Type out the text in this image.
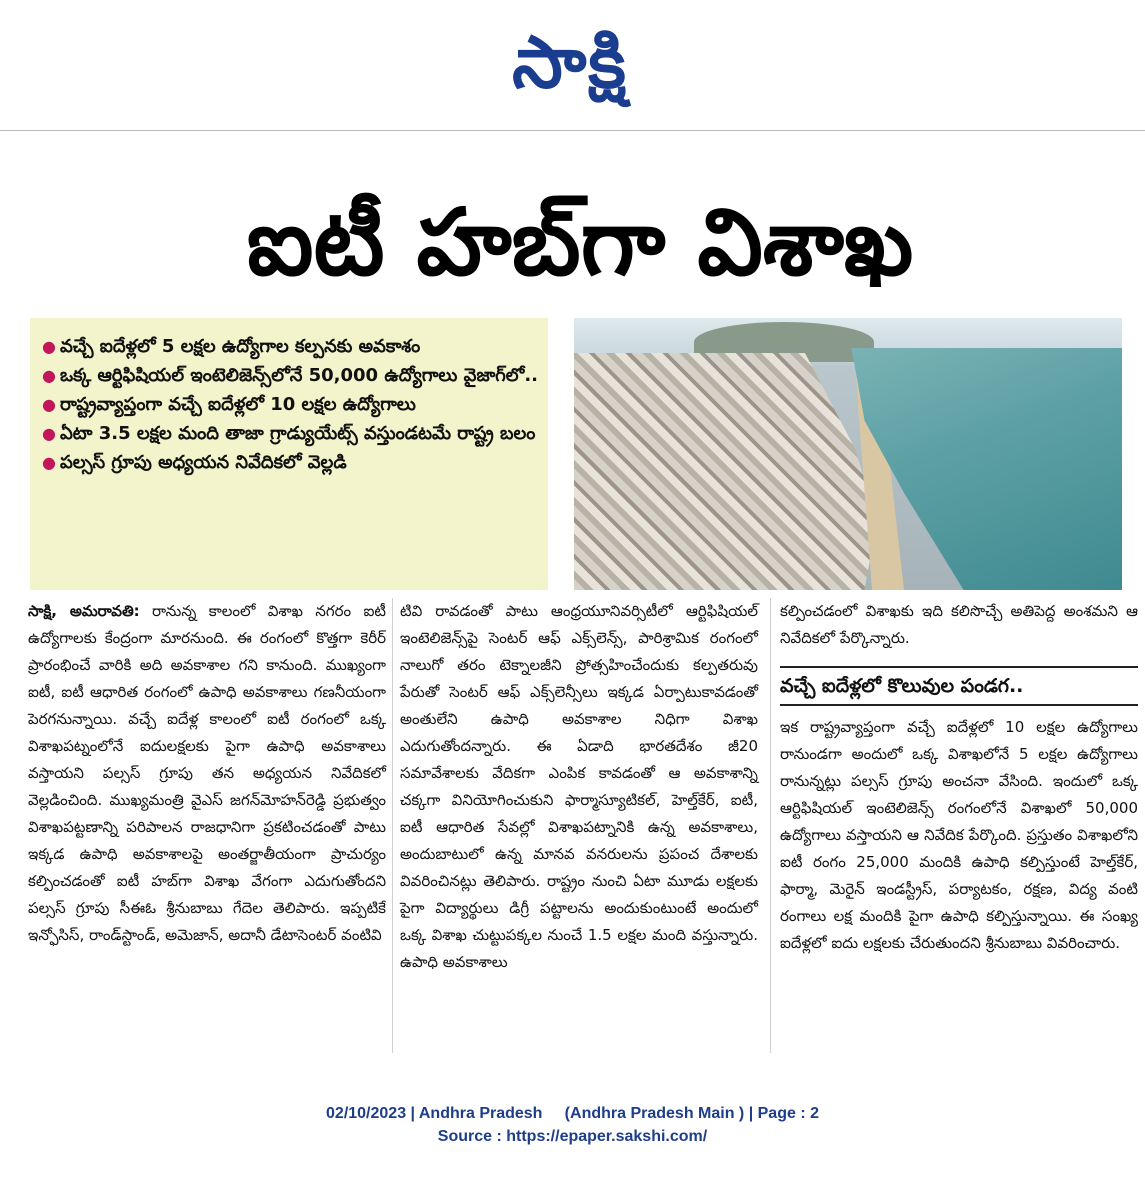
సాక్షి
ఐటీ హబ్‌గా విశాఖ
● వచ్చే ఐదేళ్లలో 5 లక్షల ఉద్యోగాల కల్పనకు అవకాశం
● ఒక్క ఆర్టిఫిషియల్ ఇంటెలిజెన్స్‌లోనే 50,000 ఉద్యోగాలు వైజాగ్‌లో..
● రాష్ట్రవ్యాప్తంగా వచ్చే ఐదేళ్లలో 10 లక్షల ఉద్యోగాలు
● ఏటా 3.5 లక్షల మంది తాజా గ్రాడ్యుయేట్స్ వస్తుండటమే రాష్ట్ర బలం
● పల్సస్ గ్రూపు అధ్యయన నివేదికలో వెల్లడి

సాక్షి, అమరావతి: రానున్న కాలంలో విశాఖ నగరం ఐటీ ఉద్యోగాలకు కేంద్రంగా మారనుంది. ఈ రంగంలో కొత్తగా కెరీర్ ప్రారంభించే వారికి అది అవకాశాల గని కానుంది. ముఖ్యంగా ఐటీ, ఐటీ ఆధారిత రంగంలో ఉపాధి అవకాశాలు గణనీయంగా పెరగనున్నాయి. వచ్చే ఐదేళ్ల కాలంలో ఐటీ రంగంలో ఒక్క విశాఖపట్నంలోనే ఐదులక్షలకు పైగా ఉపాధి అవకాశాలు వస్తాయని పల్సస్ గ్రూపు తన అధ్యయన నివేదికలో వెల్లడించింది. ముఖ్యమంత్రి వైఎస్ జగన్‌మోహన్‌రెడ్డి ప్రభుత్వం విశాఖపట్టణాన్ని పరిపాలన రాజధానిగా ప్రకటించడంతో పాటు ఇక్కడ ఉపాధి అవకాశాలపై అంతర్జాతీయంగా ప్రాచుర్యం కల్పించడంతో ఐటీ హబ్‌గా విశాఖ వేగంగా ఎదుగుతోందని పల్సస్ గ్రూపు సీఈఓ శ్రీనుబాబు గేదెల తెలిపారు. ఇప్పటికే ఇన్ఫోసిస్, రాండ్‌స్టాండ్, అమెజాన్, అదానీ డేటాసెంటర్ వంటివి

టివి రావడంతో పాటు ఆంధ్రయూనివర్సిటీలో ఆర్టిఫిషియల్ ఇంటెలిజెన్స్‌పై సెంటర్ ఆఫ్ ఎక్స్‌లెన్స్, పారిశ్రామిక రంగంలో నాలుగో తరం టెక్నాలజీని ప్రోత్సహించేందుకు కల్పతరువు పేరుతో సెంటర్ ఆఫ్ ఎక్స్‌లెన్సీలు ఇక్కడ ఏర్పాటుకావడంతో అంతులేని ఉపాధి అవకాశాల నిధిగా విశాఖ ఎదుగుతోందన్నారు. ఈ ఏడాది భారతదేశం జీ20 సమావేశాలకు వేదికగా ఎంపిక కావడంతో ఆ అవకాశాన్ని చక్కగా వినియోగించుకుని ఫార్మాస్యూటికల్, హెల్త్‌కేర్, ఐటీ, ఐటీ ఆధారిత సేవల్లో విశాఖపట్నానికి ఉన్న అవకాశాలు, అందుబాటులో ఉన్న మానవ వనరులను ప్రపంచ దేశాలకు వివరించినట్లు తెలిపారు. రాష్ట్రం నుంచి ఏటా మూడు లక్షలకు పైగా విద్యార్థులు డిగ్రీ పట్టాలను అందుకుంటుంటే అందులో ఒక్క విశాఖ చుట్టుపక్కల నుంచే 1.5 లక్షల మంది వస్తున్నారు. ఉపాధి అవకాశాలు

కల్పించడంలో విశాఖకు ఇది కలిసొచ్చే అతిపెద్ద అంశమని ఆ నివేదికలో పేర్కొన్నారు.

వచ్చే ఐదేళ్లలో కొలువుల పండగ..

ఇక రాష్ట్రవ్యాప్తంగా వచ్చే ఐదేళ్లలో 10 లక్షల ఉద్యోగాలు రానుండగా అందులో ఒక్క విశాఖలోనే 5 లక్షల ఉద్యోగాలు రానున్నట్లు పల్సస్ గ్రూపు అంచనా వేసింది. ఇందులో ఒక్క ఆర్టిఫిషియల్ ఇంటెలిజెన్స్ రంగంలోనే విశాఖలో 50,000 ఉద్యోగాలు వస్తాయని ఆ నివేదిక పేర్కొంది. ప్రస్తుతం విశాఖలోని ఐటీ రంగం 25,000 మందికి ఉపాధి కల్పిస్తుంటే హెల్త్‌కేర్, ఫార్మా, మెరైన్ ఇండస్ట్రీస్, పర్యాటకం, రక్షణ, విద్య వంటి రంగాలు లక్ష మందికి పైగా ఉపాధి కల్పిస్తున్నాయి. ఈ సంఖ్య ఐదేళ్లలో ఐదు లక్షలకు చేరుతుందని శ్రీనుబాబు వివరించారు.

02/10/2023 | Andhra Pradesh     (Andhra Pradesh Main ) | Page : 2
Source : https://epaper.sakshi.com/
